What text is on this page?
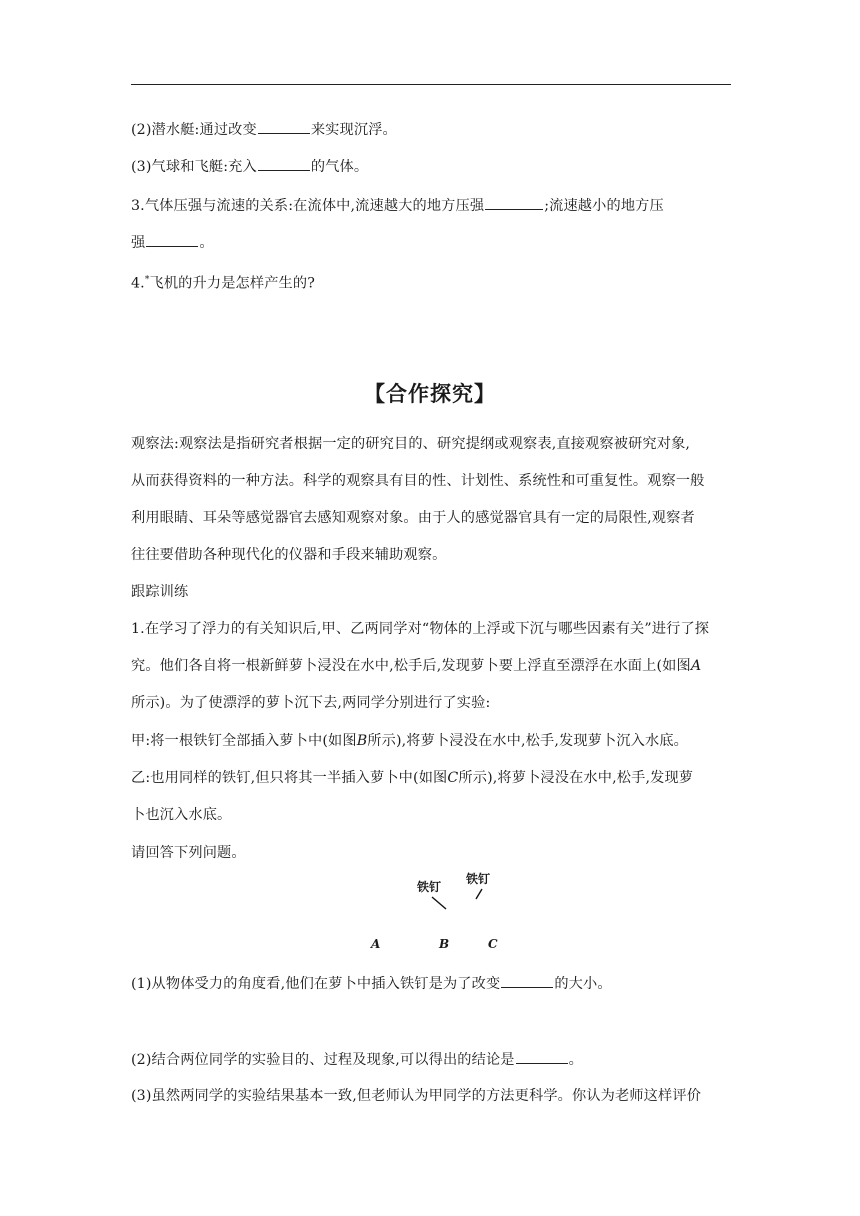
(2)潜水艇:通过改变	来实现沉浮。
(3)气球和飞艇:充入	的气体。
3.气体压强与流速的关系:在流体中,流速越大的地方压强	;流速越小的地方压
强	。
4.*飞机的升力是怎样产生的?
【合作探究】
观察法:观察法是指研究者根据一定的研究目的、研究提纲或观察表,直接观察被研究对象,
从而获得资料的一种方法。科学的观察具有目的性、计划性、系统性和可重复性。观察一般
利用眼睛、耳朵等感觉器官去感知观察对象。由于人的感觉器官具有一定的局限性,观察者
往往要借助各种现代化的仪器和手段来辅助观察。
跟踪训练
1.在学习了浮力的有关知识后,甲、乙两同学对“物体的上浮或下沉与哪些因素有关”进行了探
究。他们各自将一根新鲜萝卜浸没在水中,松手后,发现萝卜要上浮直至漂浮在水面上(如图A
所示)。为了使漂浮的萝卜沉下去,两同学分别进行了实验:
甲:将一根铁钉全部插入萝卜中(如图B所示),将萝卜浸没在水中,松手,发现萝卜沉入水底。
乙:也用同样的铁钉,但只将其一半插入萝卜中(如图C所示),将萝卜浸没在水中,松手,发现萝
卜也沉入水底。
请回答下列问题。
铁钉
铁钉
A	B	C
(1)从物体受力的角度看,他们在萝卜中插入铁钉是为了改变	的大小。
(2)结合两位同学的实验目的、过程及现象,可以得出的结论是	。
(3)虽然两同学的实验结果基本一致,但老师认为甲同学的方法更科学。你认为老师这样评价
